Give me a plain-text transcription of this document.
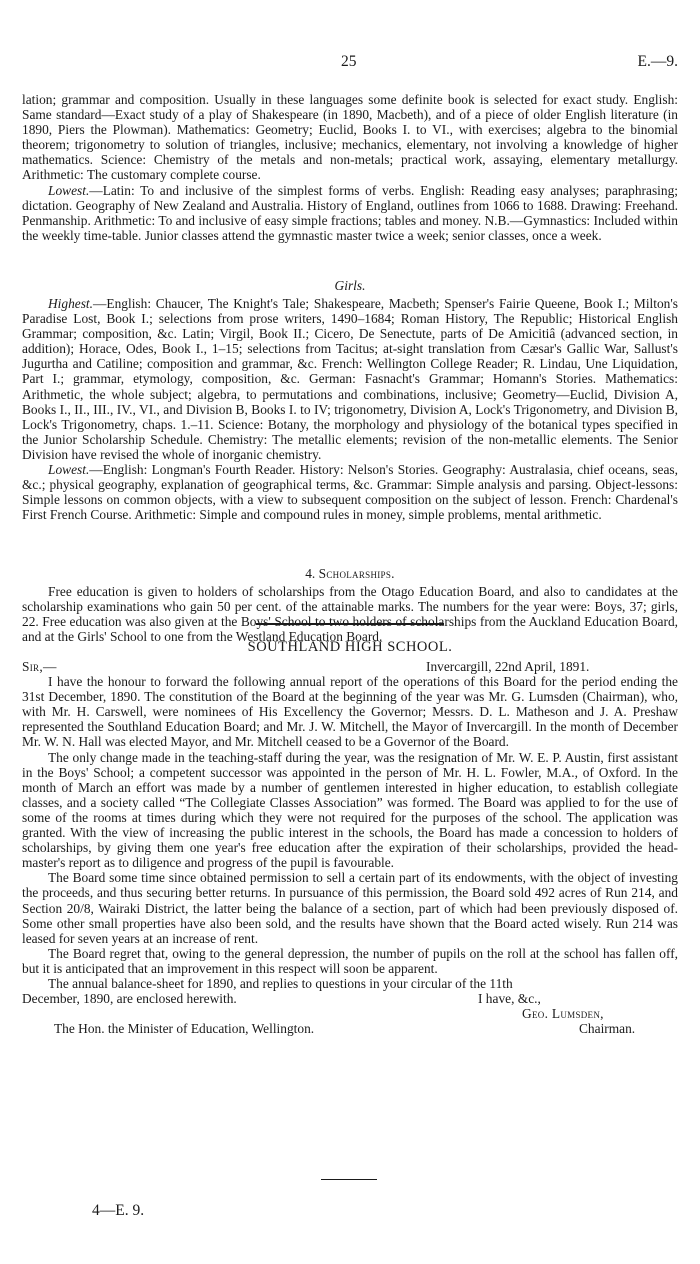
25	E.—9.

lation; grammar and composition. Usually in these languages some definite book is selected for exact study. English: Same standard—Exact study of a play of Shakespeare (in 1890, Macbeth), and of a piece of older English literature (in 1890, Piers the Plowman). Mathematics: Geometry; Euclid, Books I. to VI., with exercises; algebra to the binomial theorem; trigonometry to solution of triangles, inclusive; mechanics, elementary, not involving a knowledge of higher mathematics. Science: Chemistry of the metals and non-metals; practical work, assaying, elementary metallurgy. Arithmetic: The customary complete course.

Lowest.—Latin: To and inclusive of the simplest forms of verbs. English: Reading easy analyses; paraphrasing; dictation. Geography of New Zealand and Australia. History of England, outlines from 1066 to 1688. Drawing: Freehand. Penmanship. Arithmetic: To and inclusive of easy simple fractions; tables and money. N.B.—Gymnastics: Included within the weekly time-table. Junior classes attend the gymnastic master twice a week; senior classes, once a week.

Girls.

Highest.—English: Chaucer, The Knight's Tale; Shakespeare, Macbeth; Spenser's Fairie Queene, Book I.; Milton's Paradise Lost, Book I.; selections from prose writers, 1490–1684; Roman History, The Republic; Historical English Grammar; composition, &c. Latin; Virgil, Book II.; Cicero, De Senectute, parts of De Amicitiâ (advanced section, in addition); Horace, Odes, Book I., 1–15; selections from Tacitus; at-sight translation from Cæsar's Gallic War, Sallust's Jugurtha and Catiline; composition and grammar, &c. French: Wellington College Reader; R. Lindau, Une Liquidation, Part I.; grammar, etymology, composition, &c. German: Fasnacht's Grammar; Homann's Stories. Mathematics: Arithmetic, the whole subject; algebra, to permutations and combinations, inclusive; Geometry—Euclid, Division A, Books I., II., III., IV., VI., and Division B, Books I. to IV; trigonometry, Division A, Lock's Trigonometry, and Division B, Lock's Trigonometry, chaps. 1.–11. Science: Botany, the morphology and physiology of the botanical types specified in the Junior Scholarship Schedule. Chemistry: The metallic elements; revision of the non-metallic elements. The Senior Division have revised the whole of inorganic chemistry.

Lowest.—English: Longman's Fourth Reader. History: Nelson's Stories. Geography: Australasia, chief oceans, seas, &c.; physical geography, explanation of geographical terms, &c. Grammar: Simple analysis and parsing. Object-lessons: Simple lessons on common objects, with a view to subsequent composition on the subject of lesson. French: Chardenal's First French Course. Arithmetic: Simple and compound rules in money, simple problems, mental arithmetic.

4. Scholarships.

Free education is given to holders of scholarships from the Otago Education Board, and also to candidates at the scholarship examinations who gain 50 per cent. of the attainable marks. The numbers for the year were: Boys, 37; girls, 22. Free education was also given at the Boys' School to two holders of scholarships from the Auckland Education Board, and at the Girls' School to one from the Westland Education Board.

SOUTHLAND HIGH SCHOOL.
Sir,—	Invercargill, 22nd April, 1891.

I have the honour to forward the following annual report of the operations of this Board for the period ending the 31st December, 1890. The constitution of the Board at the beginning of the year was Mr. G. Lumsden (Chairman), who, with Mr. H. Carswell, were nominees of His Excellency the Governor; Messrs. D. L. Matheson and J. A. Preshaw represented the Southland Education Board; and Mr. J. W. Mitchell, the Mayor of Invercargill. In the month of December Mr. W. N. Hall was elected Mayor, and Mr. Mitchell ceased to be a Governor of the Board.

The only change made in the teaching-staff during the year, was the resignation of Mr. W. E. P. Austin, first assistant in the Boys' School; a competent successor was appointed in the person of Mr. H. L. Fowler, M.A., of Oxford. In the month of March an effort was made by a number of gentlemen interested in higher education, to establish collegiate classes, and a society called “The Collegiate Classes Association” was formed. The Board was applied to for the use of some of the rooms at times during which they were not required for the purposes of the school. The application was granted. With the view of increasing the public interest in the schools, the Board has made a concession to holders of scholarships, by giving them one year's free education after the expiration of their scholarships, provided the head-master's report as to diligence and progress of the pupil is favourable.

The Board some time since obtained permission to sell a certain part of its endowments, with the object of investing the proceeds, and thus securing better returns. In pursuance of this permission, the Board sold 492 acres of Run 214, and Section 20/8, Wairaki District, the latter being the balance of a section, part of which had been previously disposed of. Some other small properties have also been sold, and the results have shown that the Board acted wisely. Run 214 was leased for seven years at an increase of rent.

The Board regret that, owing to the general depression, the number of pupils on the roll at the school has fallen off, but it is anticipated that an improvement in this respect will soon be apparent.

The annual balance-sheet for 1890, and replies to questions in your circular of the 11th

December, 1890, are enclosed herewith.	I have, &c.,
Geo. Lumsden,
The Hon. the Minister of Education, Wellington.	Chairman.
4—E. 9.
